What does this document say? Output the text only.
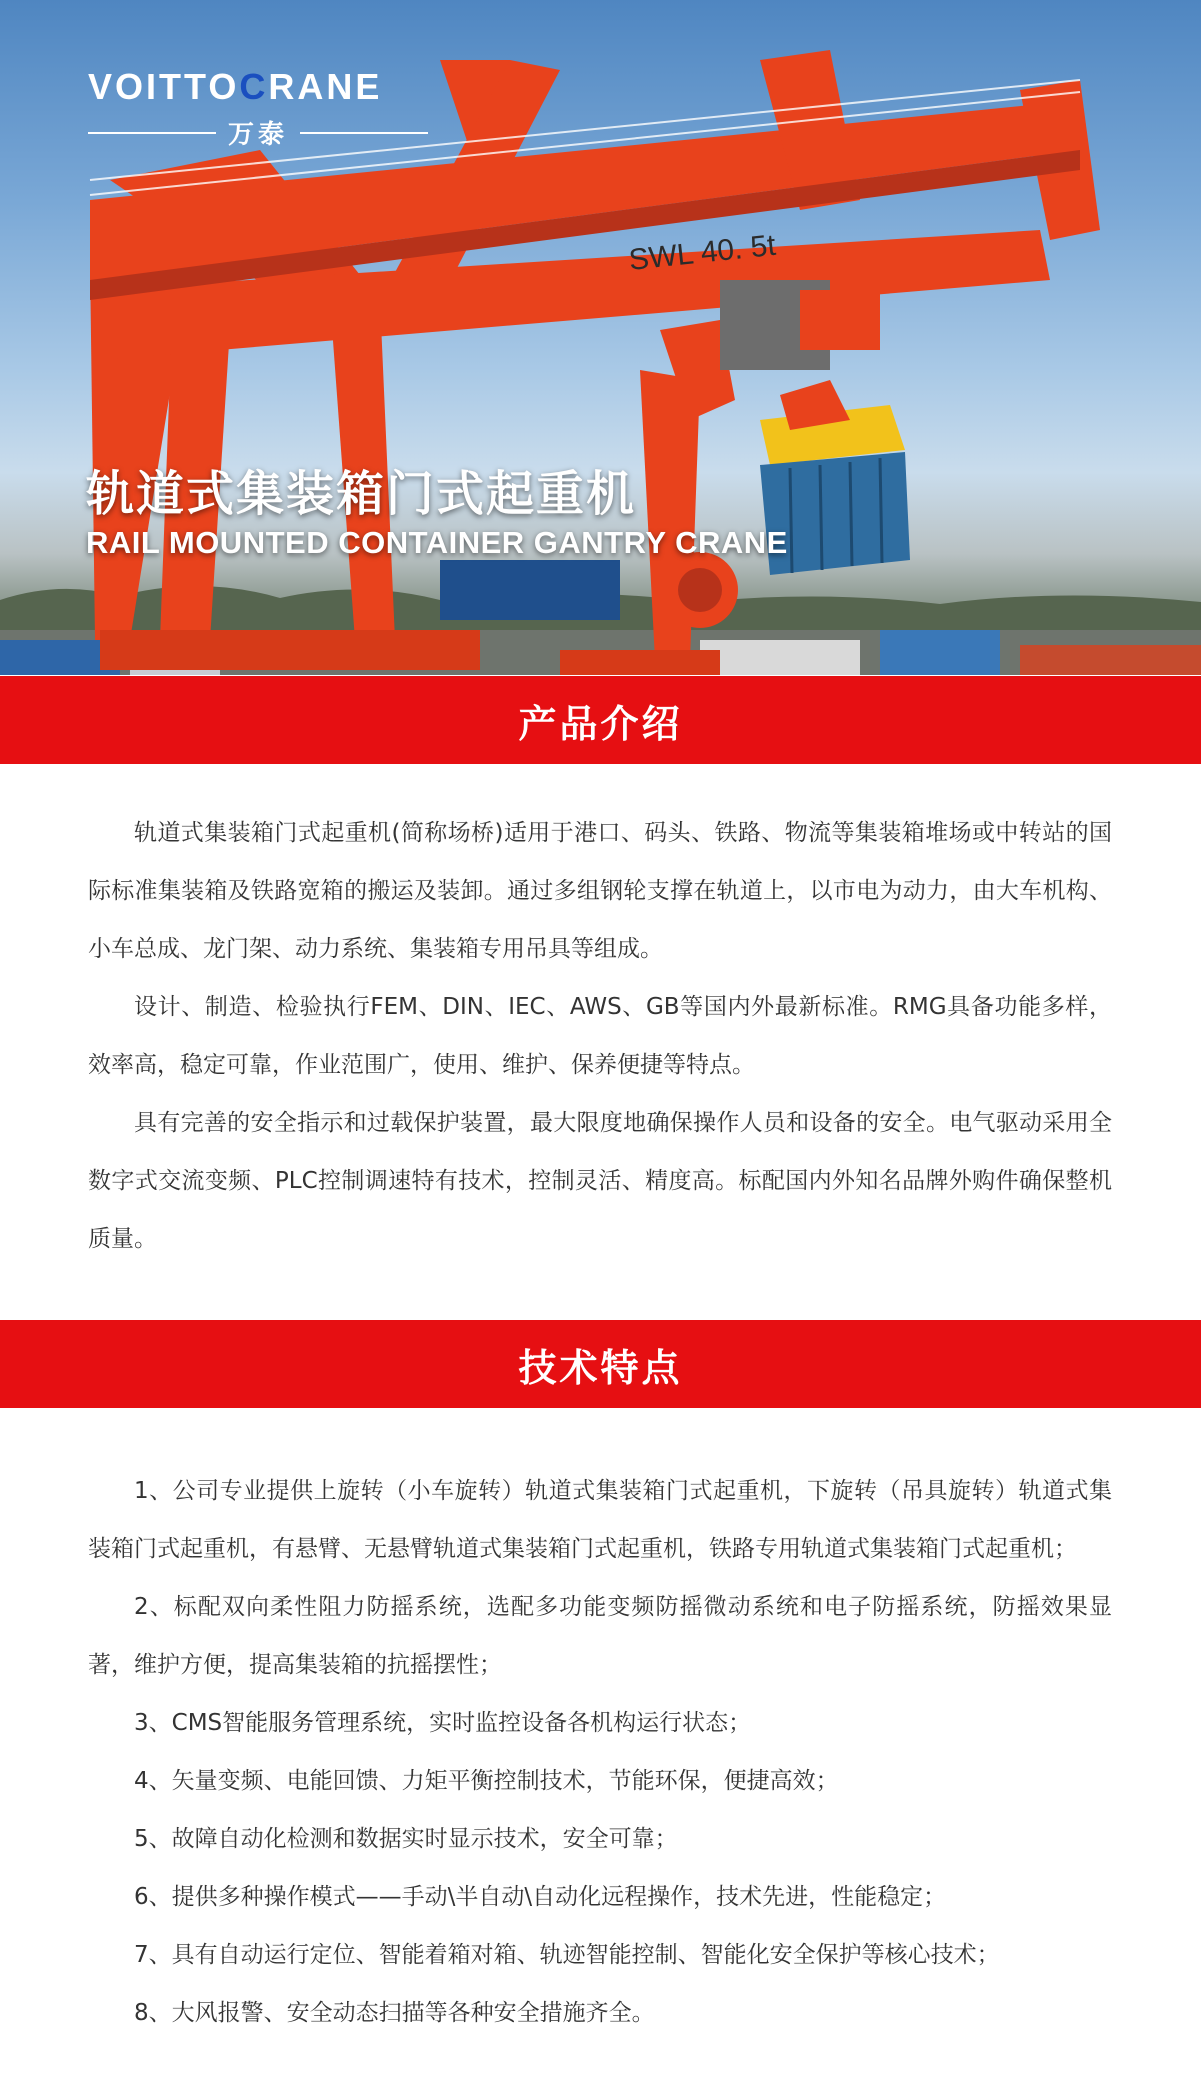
SWL 40. 5t
VOITTOCRANE
万泰
轨道式集装箱门式起重机
RAIL MOUNTED CONTAINER GANTRY CRANE
产品介绍

轨道式集装箱门式起重机(简称场桥)适用于港口、码头、铁路、物流等集装箱堆场或中转站的国际标准集装箱及铁路宽箱的搬运及装卸。通过多组钢轮支撑在轨道上，以市电为动力，由大车机构、小车总成、龙门架、动力系统、集装箱专用吊具等组成。

设计、制造、检验执行FEM、DIN、IEC、AWS、GB等国内外最新标准。RMG具备功能多样，效率高，稳定可靠，作业范围广，使用、维护、保养便捷等特点。

具有完善的安全指示和过载保护装置，最大限度地确保操作人员和设备的安全。电气驱动采用全数字式交流变频、PLC控制调速特有技术，控制灵活、精度高。标配国内外知名品牌外购件确保整机质量。

技术特点

1、公司专业提供上旋转（小车旋转）轨道式集装箱门式起重机，下旋转（吊具旋转）轨道式集装箱门式起重机，有悬臂、无悬臂轨道式集装箱门式起重机，铁路专用轨道式集装箱门式起重机；

2、标配双向柔性阻力防摇系统，选配多功能变频防摇微动系统和电子防摇系统，防摇效果显著，维护方便，提高集装箱的抗摇摆性；

3、CMS智能服务管理系统，实时监控设备各机构运行状态；

4、矢量变频、电能回馈、力矩平衡控制技术，节能环保，便捷高效；

5、故障自动化检测和数据实时显示技术，安全可靠；

6、提供多种操作模式——手动\半自动\自动化远程操作，技术先进，性能稳定；

7、具有自动运行定位、智能着箱对箱、轨迹智能控制、智能化安全保护等核心技术；

8、大风报警、安全动态扫描等各种安全措施齐全。
